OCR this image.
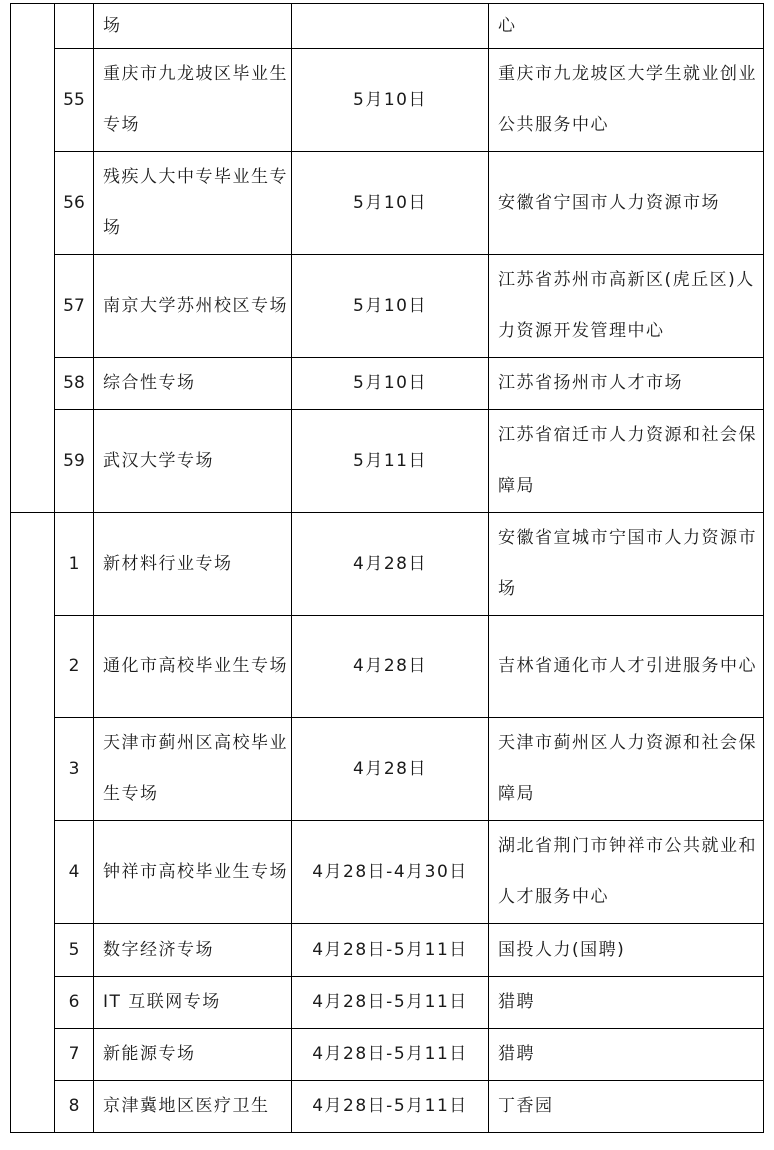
		场		心
	55	重庆市九龙坡区毕业生专场	5月10日	重庆市九龙坡区大学生就业创业公共服务中心
	56	残疾人大中专毕业生专场	5月10日	安徽省宁国市人力资源市场
	57	南京大学苏州校区专场	5月10日	江苏省苏州市高新区(虎丘区)人力资源开发管理中心
	58	综合性专场	5月10日	江苏省扬州市人才市场
	59	武汉大学专场	5月11日	江苏省宿迁市人力资源和社会保障局
	1	新材料行业专场	4月28日	安徽省宣城市宁国市人力资源市场
	2	通化市高校毕业生专场	4月28日	吉林省通化市人才引进服务中心
	3	天津市蓟州区高校毕业生专场	4月28日	天津市蓟州区人力资源和社会保障局
	4	钟祥市高校毕业生专场	4月28日-4月30日	湖北省荆门市钟祥市公共就业和人才服务中心
	5	数字经济专场	4月28日-5月11日	国投人力(国聘)
	6	IT 互联网专场	4月28日-5月11日	猎聘
	7	新能源专场	4月28日-5月11日	猎聘
	8	京津冀地区医疗卫生	4月28日-5月11日	丁香园
